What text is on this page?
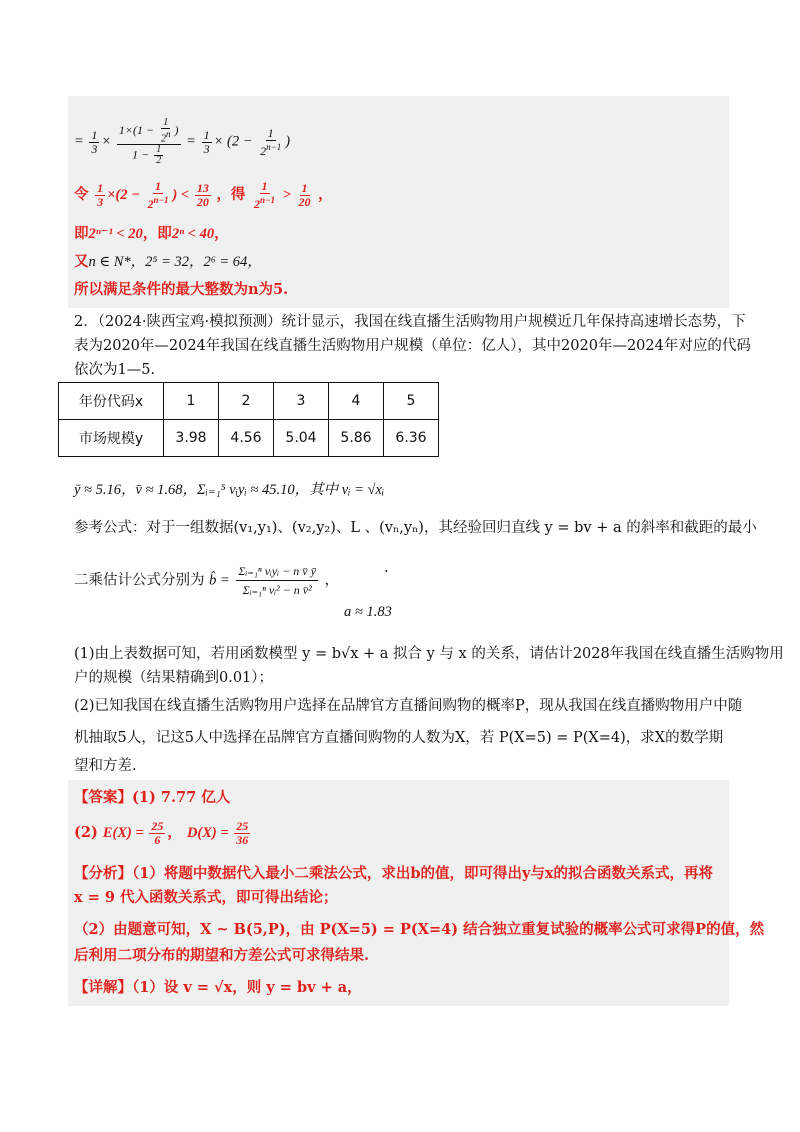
= $\frac{1}{3} \times \frac{1\times(1 - \frac{1}{2^n} )}{1 - \frac{1}{2}} = \frac{1}{3} \times (2 - \frac{1}{2^{n-1}}$ )
令 $\frac{1}{3} \times(2 - \frac{1}{2^{n-1}}$ ) < $\frac{13}{20}$ ，得 $\frac{1}{2^{n-1}} > \frac{1}{20}$ ，
即2ⁿ⁻¹ < 20，即2ⁿ < 40，
又n ∈ N*，2⁵ = 32，2⁶ = 64，
所以满足条件的最大整数为n为5.
2．（2024·陕西宝鸡·模拟预测）统计显示，我国在线直播生活购物用户规模近几年保持高速增长态势，下
表为2020年—2024年我国在线直播生活购物用户规模（单位：亿人），其中2020年—2024年对应的代码
依次为1—5.
年份代码x	1	2	3	4	5
市场规模y	3.98	4.56	5.04	5.86	6.36
ȳ ≈ 5.16，v̄ ≈ 1.68，Σᵢ₌₁⁵ vᵢyᵢ ≈ 45.10，其中 vᵢ = √xᵢ
参考公式：对于一组数据(v₁,y₁)、(v₂,y₂)、L 、(vₙ,yₙ)，其经验回归直线 y = bv + a 的斜率和截距的最小
二乘估计公式分别为 b̂ = $\frac{\text{Σᵢ₌₁ⁿ vᵢyᵢ − n v̄ ȳ}}{\text{Σᵢ₌₁ⁿ vᵢ² − n v̄²}}$ ，
.
a ≈ 1.83
(1)由上表数据可知，若用函数模型 y = b√x + a 拟合 y 与 x 的关系，请估计2028年我国在线直播生活购物用
户的规模（结果精确到0.01）；
(2)已知我国在线直播生活购物用户选择在品牌官方直播间购物的概率P，现从我国在线直播购物用户中随
机抽取5人，记这5人中选择在品牌官方直播间购物的人数为X，若 P(X=5) = P(X=4)，求X的数学期
望和方差.
【答案】(1) 7.77 亿人
(2) $E(X) = \frac{25}{6}$ ， $D(X) = \frac{25}{36}$
【分析】（1）将题中数据代入最小二乘法公式，求出b的值，即可得出y与x的拟合函数关系式，再将
x = 9 代入函数关系式，即可得出结论；
（2）由题意可知，X ~ B(5,P)，由 P(X=5) = P(X=4) 结合独立重复试验的概率公式可求得P的值，然
后利用二项分布的期望和方差公式可求得结果.
【详解】（1）设 v = √x，则 y = bv + a，
